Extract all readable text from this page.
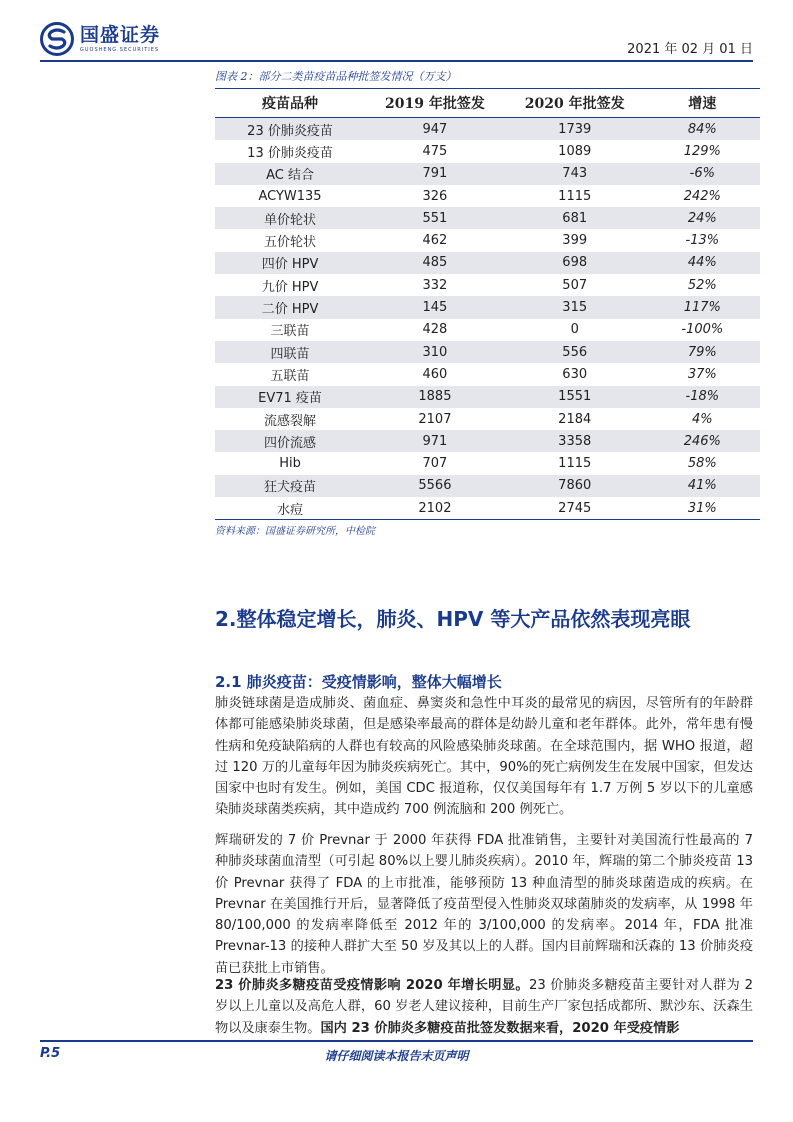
国盛证券
GUOSHENG SECURITIES	2021 年 02 月 01 日
图表 2：部分二类苗疫苗品种批签发情况（万支）
疫苗品种	2019 年批签发	2020 年批签发	增速
23 价肺炎疫苗	947	1739	84%
13 价肺炎疫苗	475	1089	129%
AC 结合	791	743	-6%
ACYW135	326	1115	242%
单价轮状	551	681	24%
五价轮状	462	399	-13%
四价 HPV	485	698	44%
九价 HPV	332	507	52%
二价 HPV	145	315	117%
三联苗	428	0	-100%
四联苗	310	556	79%
五联苗	460	630	37%
EV71 疫苗	1885	1551	-18%
流感裂解	2107	2184	4%
四价流感	971	3358	246%
Hib	707	1115	58%
狂犬疫苗	5566	7860	41%
水痘	2102	2745	31%
资料来源：国盛证券研究所，中检院
2.整体稳定增长，肺炎、HPV 等大产品依然表现亮眼
2.1 肺炎疫苗：受疫情影响，整体大幅增长
肺炎链球菌是造成肺炎、菌血症、鼻窦炎和急性中耳炎的最常见的病因，尽管所有的年龄群体都可能感染肺炎球菌，但是感染率最高的群体是幼龄儿童和老年群体。此外，常年患有慢性病和免疫缺陷病的人群也有较高的风险感染肺炎球菌。在全球范围内，据 WHO 报道，超过 120 万的儿童每年因为肺炎疾病死亡。其中，90%的死亡病例发生在发展中国家，但发达国家中也时有发生。例如，美国 CDC 报道称，仅仅美国每年有 1.7 万例 5 岁以下的儿童感染肺炎球菌类疾病，其中造成约 700 例流脑和 200 例死亡。
辉瑞研发的 7 价 Prevnar 于 2000 年获得 FDA 批准销售，主要针对美国流行性最高的 7 种肺炎球菌血清型（可引起 80%以上婴儿肺炎疾病）。2010 年，辉瑞的第二个肺炎疫苗 13 价 Prevnar 获得了 FDA 的上市批准，能够预防 13 种血清型的肺炎球菌造成的疾病。在 Prevnar 在美国推行开后，显著降低了疫苗型侵入性肺炎双球菌肺炎的发病率，从 1998 年 80/100,000 的发病率降低至 2012 年的 3/100,000 的发病率。2014 年，FDA 批准 Prevnar-13 的接种人群扩大至 50 岁及其以上的人群。国内目前辉瑞和沃森的 13 价肺炎疫苗已获批上市销售。
23 价肺炎多糖疫苗受疫情影响 2020 年增长明显。23 价肺炎多糖疫苗主要针对人群为 2 岁以上儿童以及高危人群，60 岁老人建议接种，目前生产厂家包括成都所、默沙东、沃森生物以及康泰生物。国内 23 价肺炎多糖疫苗批签发数据来看，2020 年受疫情影
P.5	请仔细阅读本报告末页声明
